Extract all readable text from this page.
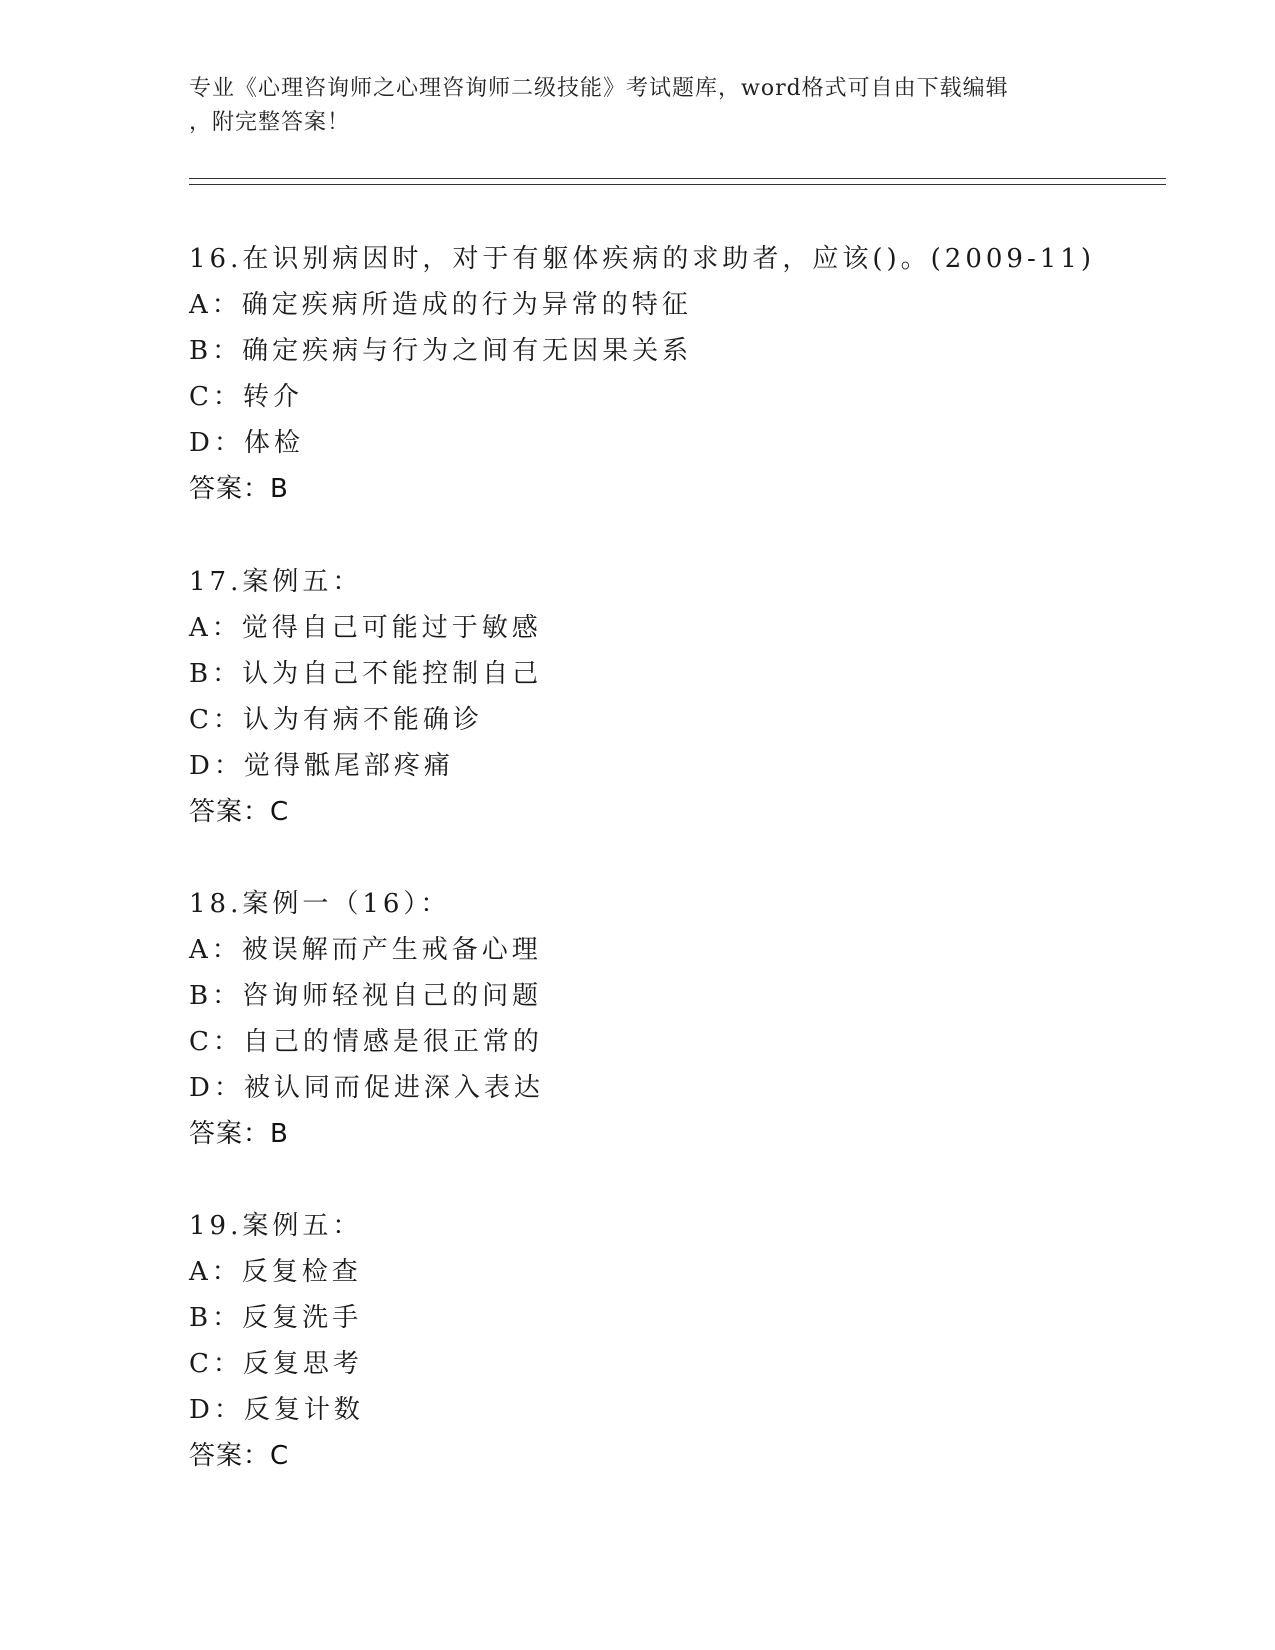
专业《心理咨询师之心理咨询师二级技能》考试题库，word格式可自由下载编辑
，附完整答案！
16.在识别病因时，对于有躯体疾病的求助者，应该()。(2009-11)
A：确定疾病所造成的行为异常的特征
B：确定疾病与行为之间有无因果关系
C：转介
D：体检
答案：B
17.案例五：
A：觉得自己可能过于敏感
B：认为自己不能控制自己
C：认为有病不能确诊
D：觉得骶尾部疼痛
答案：C
18.案例一（16）：
A：被误解而产生戒备心理
B：咨询师轻视自己的问题
C：自己的情感是很正常的
D：被认同而促进深入表达
答案：B
19.案例五：
A：反复检查
B：反复洗手
C：反复思考
D：反复计数
答案：C
